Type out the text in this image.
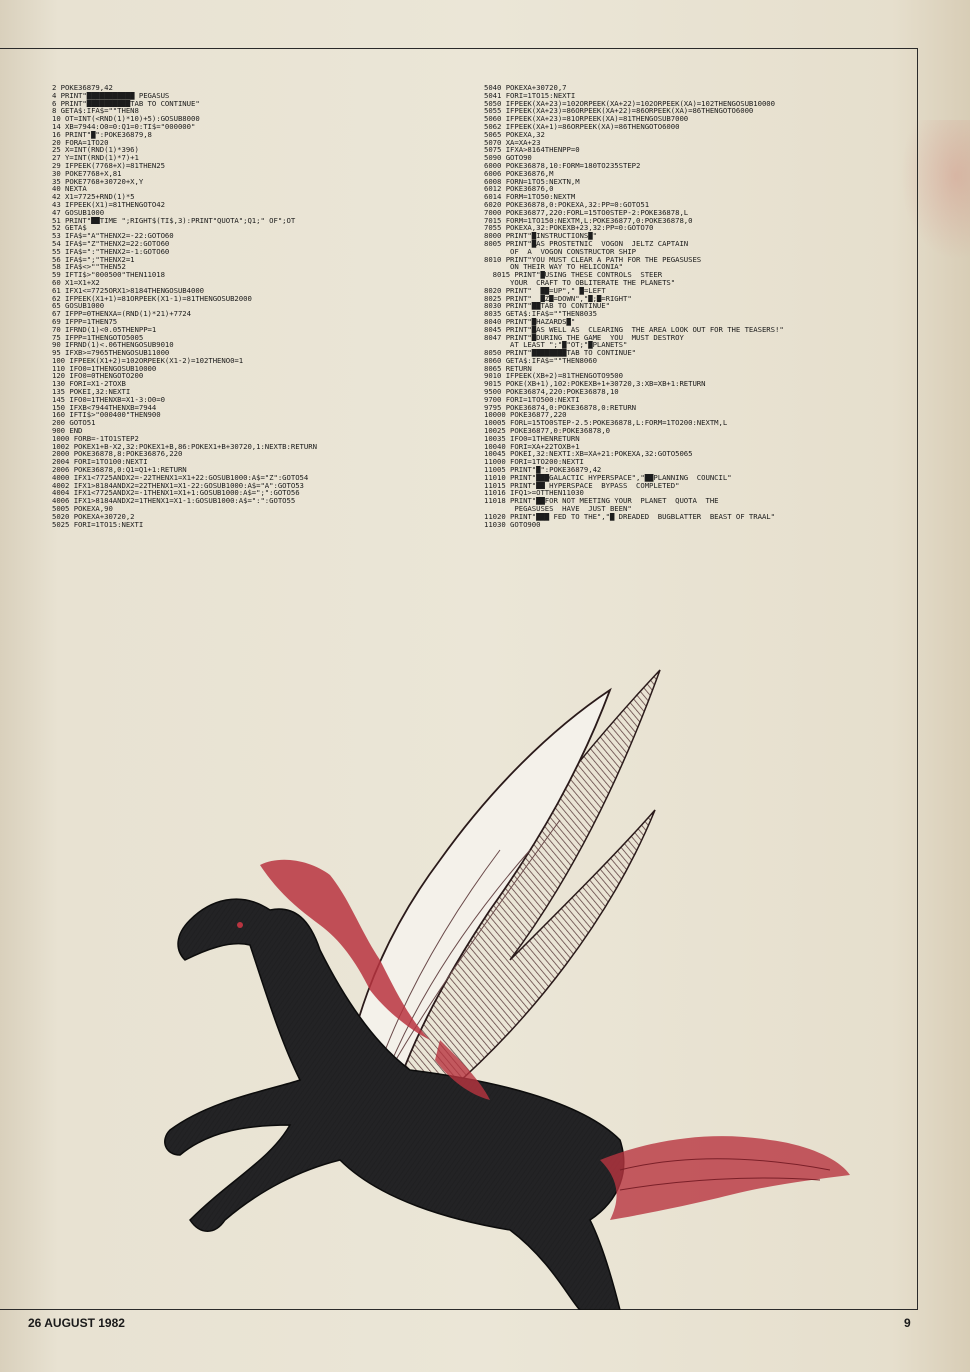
2 POKE36879,42
4 PRINT"███████████ PEGASUS
6 PRINT"██████████TAB TO CONTINUE"
8 GETA$:IFA$=""THEN8
10 OT=INT(<RND(1)*10)+5):GOSUB8000
14 XB=7944:O0=0:Q1=0:TI$="000000"
16 PRINT"█":POKE36879,8
20 FORA=1TO20
25 X=INT(RND(1)*396)
27 Y=INT(RND(1)*7)+1
29 IFPEEK(7768+X)=81THEN25
30 POKE7768+X,81
35 POKE7768+30720+X,Y
40 NEXTA
42 X1=7725+RND(1)*5
43 IFPEEK(X1)=81THENGOTO42
47 GOSUB1000
51 PRINT"██TIME ";RIGHT$(TI$,3):PRINT"QUOTA";Q1;" OF";OT
52 GETA$
53 IFA$="A"THENX2=-22:GOTO60
54 IFA$="Z"THENX2=22:GOTO60
55 IFA$=":"THENX2=-1:GOTO60
56 IFA$=";"THENX2=1
58 IFA$<>""THEN52
59 IFTI$>"000500"THEN11018
60 X1=X1+X2
61 IFX1<=7725ORX1>8184THENGOSUB4000
62 IFPEEK(X1+1)=81ORPEEK(X1-1)=81THENGOSUB2000
65 GOSUB1000
67 IFPP=0THENXA=(RND(1)*21)+7724
69 IFPP=1THEN75
70 IFRND(1)<0.05THENPP=1
75 IFPP=1THENGOTO5005
90 IFRND(1)<.06THENGOSUB9010
95 IFXB>=7965THENGOSUB11000
100 IFPEEK(X1+2)=102ORPEEK(X1-2)=102THENO0=1
110 IFO0=1THENGOSUB10000
120 IFO0=0THENGOTO200
130 FORI=X1-2TOXB
135 POKEI,32:NEXTI
145 IFO0=1THENXB=X1-3:O0=0
150 IFXB<7944THENXB=7944
160 IFTI$>"000400"THEN900
200 GOTO51
900 END
1000 FORB=-1TO1STEP2
1002 POKEX1+B-X2,32:POKEX1+B,86:POKEX1+B+30720,1:NEXTB:RETURN
2000 POKE36878,8:POKE36876,220
2004 FORI=1TO100:NEXTI
2006 POKE36878,0:Q1=Q1+1:RETURN
4000 IFX1<7725ANDX2=-22THENX1=X1+22:GOSUB1000:A$="Z":GOTO54
4002 IFX1>8184ANDX2=22THENX1=X1-22:GOSUB1000:A$="A":GOTO53
4004 IFX1<7725ANDX2=-1THENX1=X1+1:GOSUB1000:A$=";":GOTO56
4006 IFX1>8184ANDX2=1THENX1=X1-1:GOSUB1000:A$=":":GOTO55
5005 POKEXA,90
5020 POKEXA+30720,2
5025 FORI=1TO15:NEXTI
5040 POKEXA+30720,7
5041 FORI=1TO15:NEXTI
5050 IFPEEK(XA+23)=102ORPEEK(XA+22)=102ORPEEK(XA)=102THENGOSUB10000
5055 IFPEEK(XA+23)=86ORPEEK(XA+22)=86ORPEEK(XA)=86THENGOTO6000
5060 IFPEEK(XA+23)=81ORPEEK(XA)=81THENGOSUB7000
5062 IFPEEK(XA+1)=86ORPEEK(XA)=86THENGOTO6000
5065 POKEXA,32
5070 XA=XA+23
5075 IFXA>8164THENPP=0
5090 GOTO90
6000 POKE36878,10:FORM=180TO235STEP2
6006 POKE36876,M
6008 FORN=1TO5:NEXTN,M
6012 POKE36876,0
6014 FORM=1TO50:NEXTM
6020 POKE36878,0:POKEXA,32:PP=0:GOTO51
7000 POKE36877,220:FORL=15TO0STEP-2:POKE36878,L
7015 FORM=1TO150:NEXTM,L:POKE36877,0:POKE36878,0
7055 POKEXA,32:POKEXB+23,32:PP=0:GOTO70
8000 PRINT"█INSTRUCTIONS█"
8005 PRINT"█AS PROSTETNIC  VOGON  JELTZ CAPTAIN
OF  A  VOGON CONSTRUCTOR SHIP
8010 PRINT"YOU MUST CLEAR A PATH FOR THE PEGASUSES
ON THEIR WAY TO HELICONIA"
8015 PRINT"█USING THESE CONTROLS  STEER
YOUR  CRAFT TO OBLITERATE THE PLANETS"
8020 PRINT"  ██=UP"," █=LEFT
8025 PRINT"  █Z█=DOWN","█;█=RIGHT"
8030 PRINT"██TAB TO CONTINUE"
8035 GETA$:IFA$=""THEN8035
8040 PRINT"█HAZARDS█"
8045 PRINT"█AS WELL AS  CLEARING  THE AREA LOOK OUT FOR THE TEASERS!"
8047 PRINT"█DURING THE GAME  YOU  MUST DESTROY
AT LEAST ";"█"OT;"█PLANETS"
8050 PRINT"████████TAB TO CONTINUE"
8060 GETA$:IFA$=""THEN8060
8065 RETURN
9010 IFPEEK(XB+2)=81THENGOTO9500
9015 POKE(XB+1),102:POKEXB+1+30720,3:XB=XB+1:RETURN
9500 POKE36874,220:POKE36878,10
9700 FORI=1TO500:NEXTI
9795 POKE36874,0:POKE36878,0:RETURN
10000 POKE36877,220
10005 FORL=15TO0STEP-2.5:POKE36878,L:FORM=1TO200:NEXTM,L
10025 POKE36877,0:POKE36878,0
10035 IFO0=1THENRETURN
10040 FORI=XA+22TOXB+1
10045 POKEI,32:NEXTI:XB=XA+21:POKEXA,32:GOTO5065
11000 FORI=1TO200:NEXTI
11005 PRINT"█":POKE36879,42
11010 PRINT"███GALACTIC HYPERSPACE","██PLANNING  COUNCIL"
11015 PRINT"██ HYPERSPACE  BYPASS  COMPLETED"
11016 IFQ1>=OTTHEN11030
11018 PRINT"██FOR NOT MEETING YOUR  PLANET  QUOTA  THE
PEGASUSES  HAVE  JUST BEEN"
11020 PRINT"███ FED TO THE","█ DREADED  BUGBLATTER  BEAST OF TRAAL"
11030 GOTO900
26 AUGUST 1982	9
